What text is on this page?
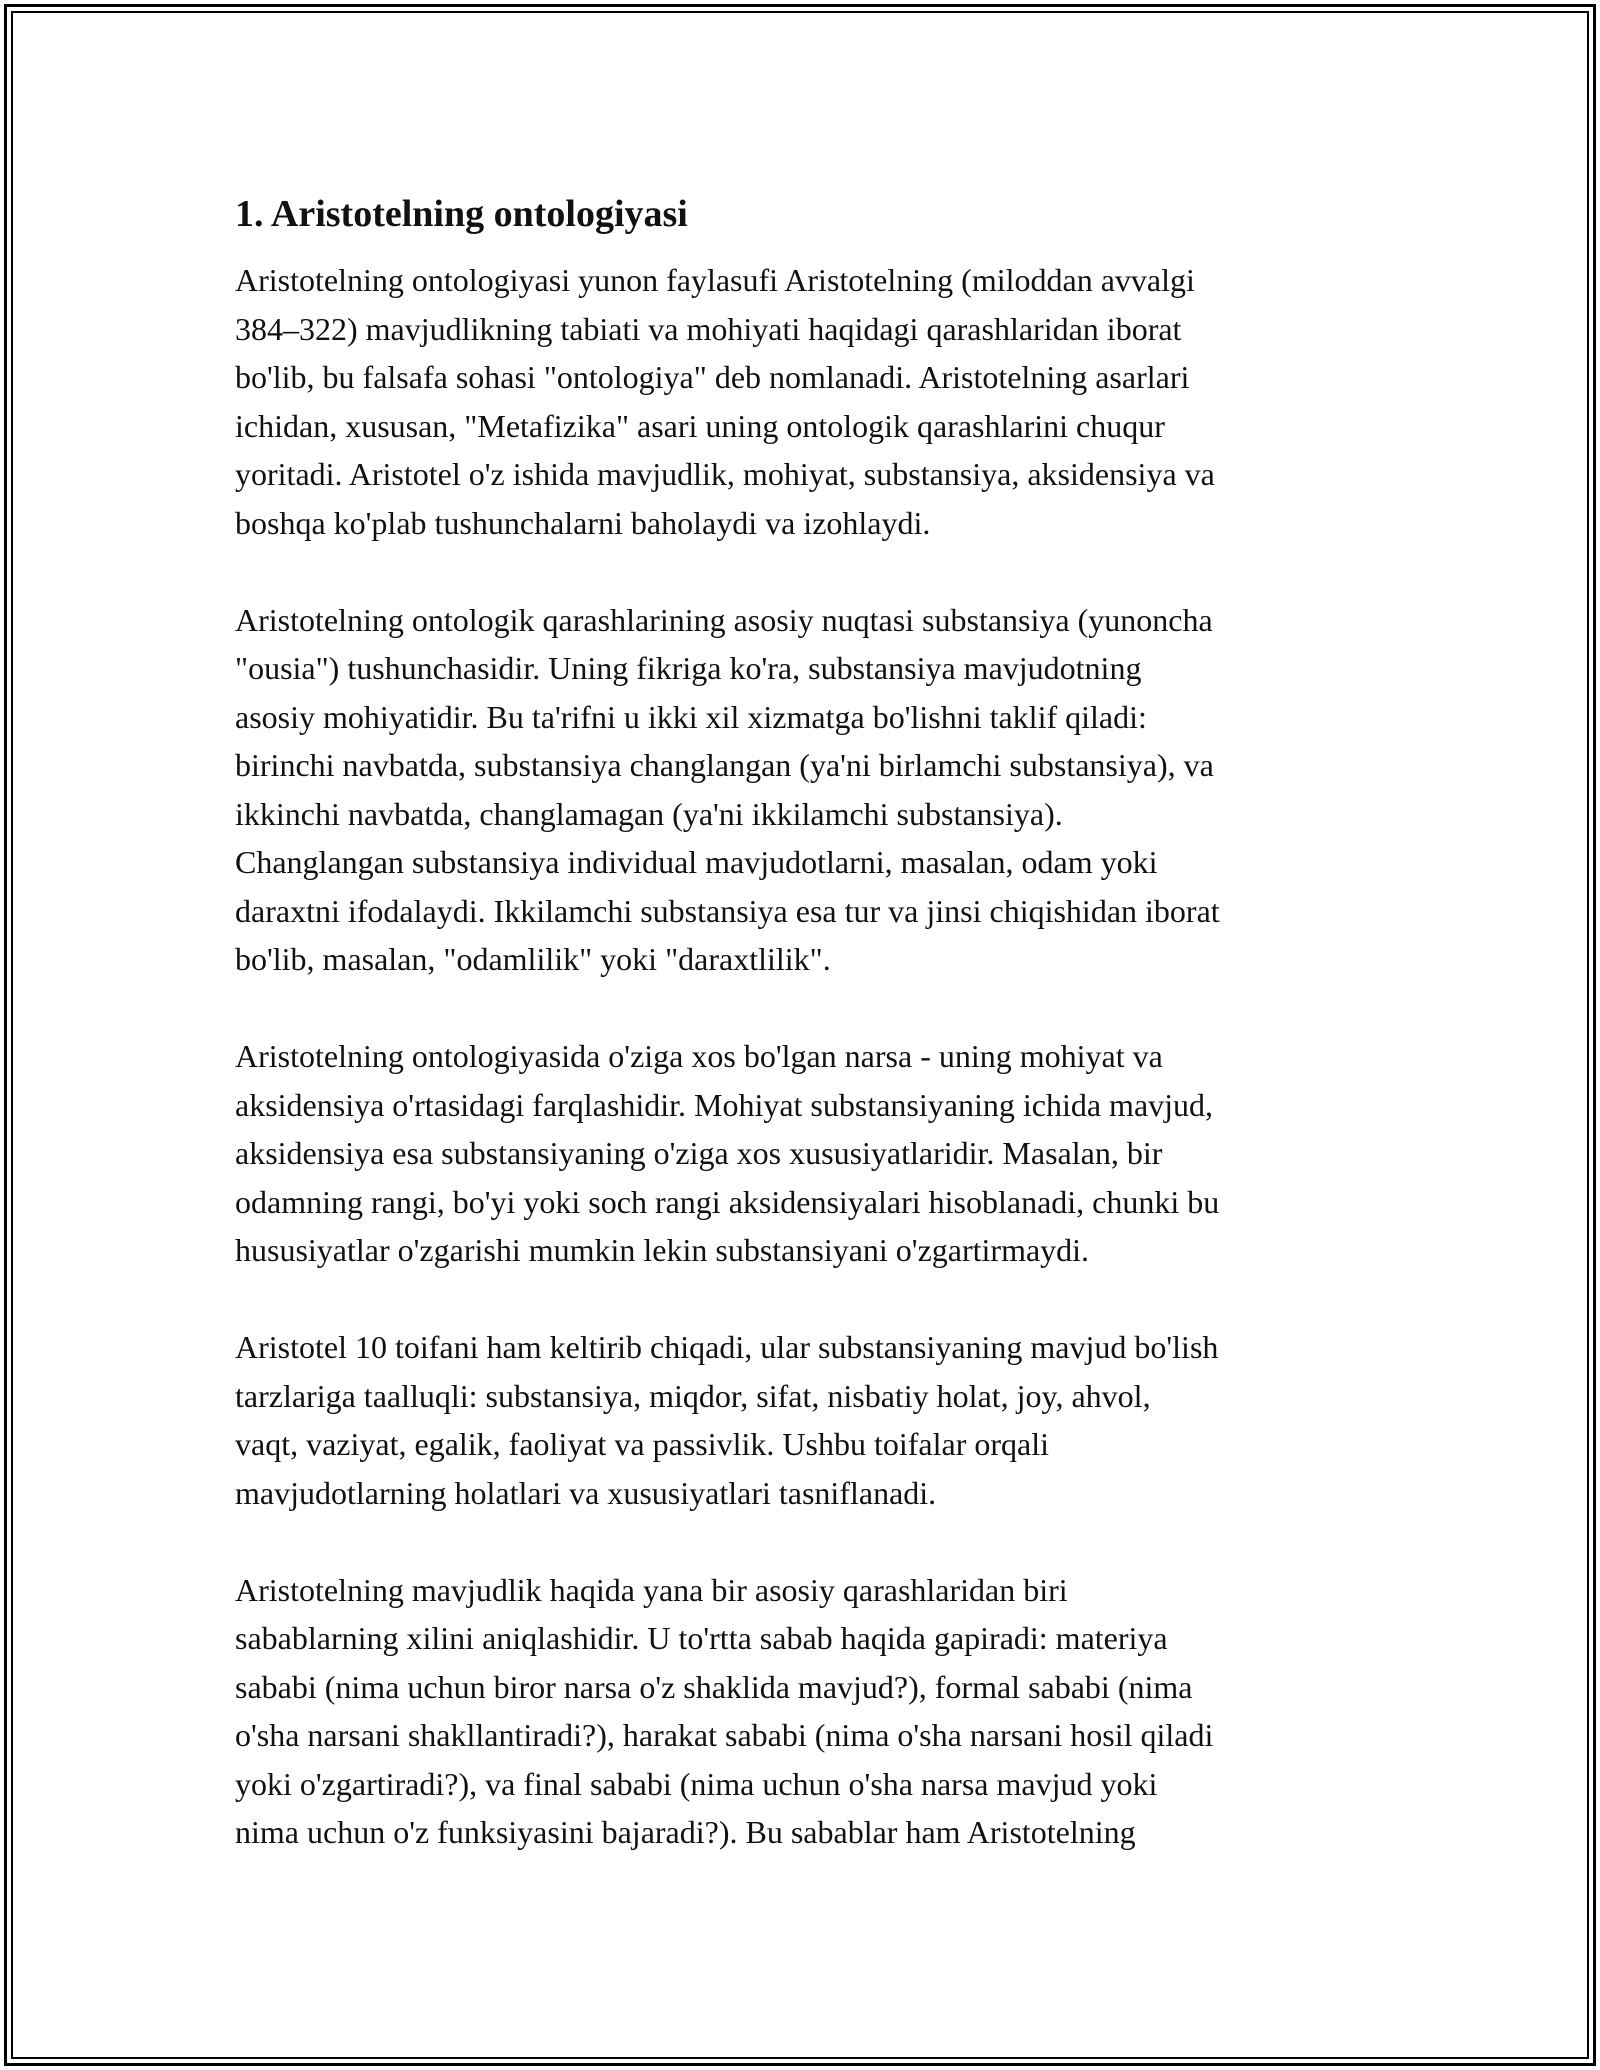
1. Aristotelning ontologiyasi

Aristotelning ontologiyasi yunon faylasufi Aristotelning (miloddan avvalgi
384–322) mavjudlikning tabiati va mohiyati haqidagi qarashlaridan iborat
bo'lib, bu falsafa sohasi "ontologiya" deb nomlanadi. Aristotelning asarlari
ichidan, xususan, "Metafizika" asari uning ontologik qarashlarini chuqur
yoritadi. Aristotel o'z ishida mavjudlik, mohiyat, substansiya, aksidensiya va
boshqa ko'plab tushunchalarni baholaydi va izohlaydi.

Aristotelning ontologik qarashlarining asosiy nuqtasi substansiya (yunoncha
"ousia") tushunchasidir. Uning fikriga ko'ra, substansiya mavjudotning
asosiy mohiyatidir. Bu ta'rifni u ikki xil xizmatga bo'lishni taklif qiladi:
birinchi navbatda, substansiya changlangan (ya'ni birlamchi substansiya), va
ikkinchi navbatda, changlamagan (ya'ni ikkilamchi substansiya).
Changlangan substansiya individual mavjudotlarni, masalan, odam yoki
daraxtni ifodalaydi. Ikkilamchi substansiya esa tur va jinsi chiqishidan iborat
bo'lib, masalan, "odamlilik" yoki "daraxtlilik".

Aristotelning ontologiyasida o'ziga xos bo'lgan narsa - uning mohiyat va
aksidensiya o'rtasidagi farqlashidir. Mohiyat substansiyaning ichida mavjud,
aksidensiya esa substansiyaning o'ziga xos xususiyatlaridir. Masalan, bir
odamning rangi, bo'yi yoki soch rangi aksidensiyalari hisoblanadi, chunki bu
hususiyatlar o'zgarishi mumkin lekin substansiyani o'zgartirmaydi.

Aristotel 10 toifani ham keltirib chiqadi, ular substansiyaning mavjud bo'lish
tarzlariga taalluqli: substansiya, miqdor, sifat, nisbatiy holat, joy, ahvol,
vaqt, vaziyat, egalik, faoliyat va passivlik. Ushbu toifalar orqali
mavjudotlarning holatlari va xususiyatlari tasniflanadi.

Aristotelning mavjudlik haqida yana bir asosiy qarashlaridan biri
sabablarning xilini aniqlashidir. U to'rtta sabab haqida gapiradi: materiya
sababi (nima uchun biror narsa o'z shaklida mavjud?), formal sababi (nima
o'sha narsani shakllantiradi?), harakat sababi (nima o'sha narsani hosil qiladi
yoki o'zgartiradi?), va final sababi (nima uchun o'sha narsa mavjud yoki
nima uchun o'z funksiyasini bajaradi?). Bu sabablar ham Aristotelning
